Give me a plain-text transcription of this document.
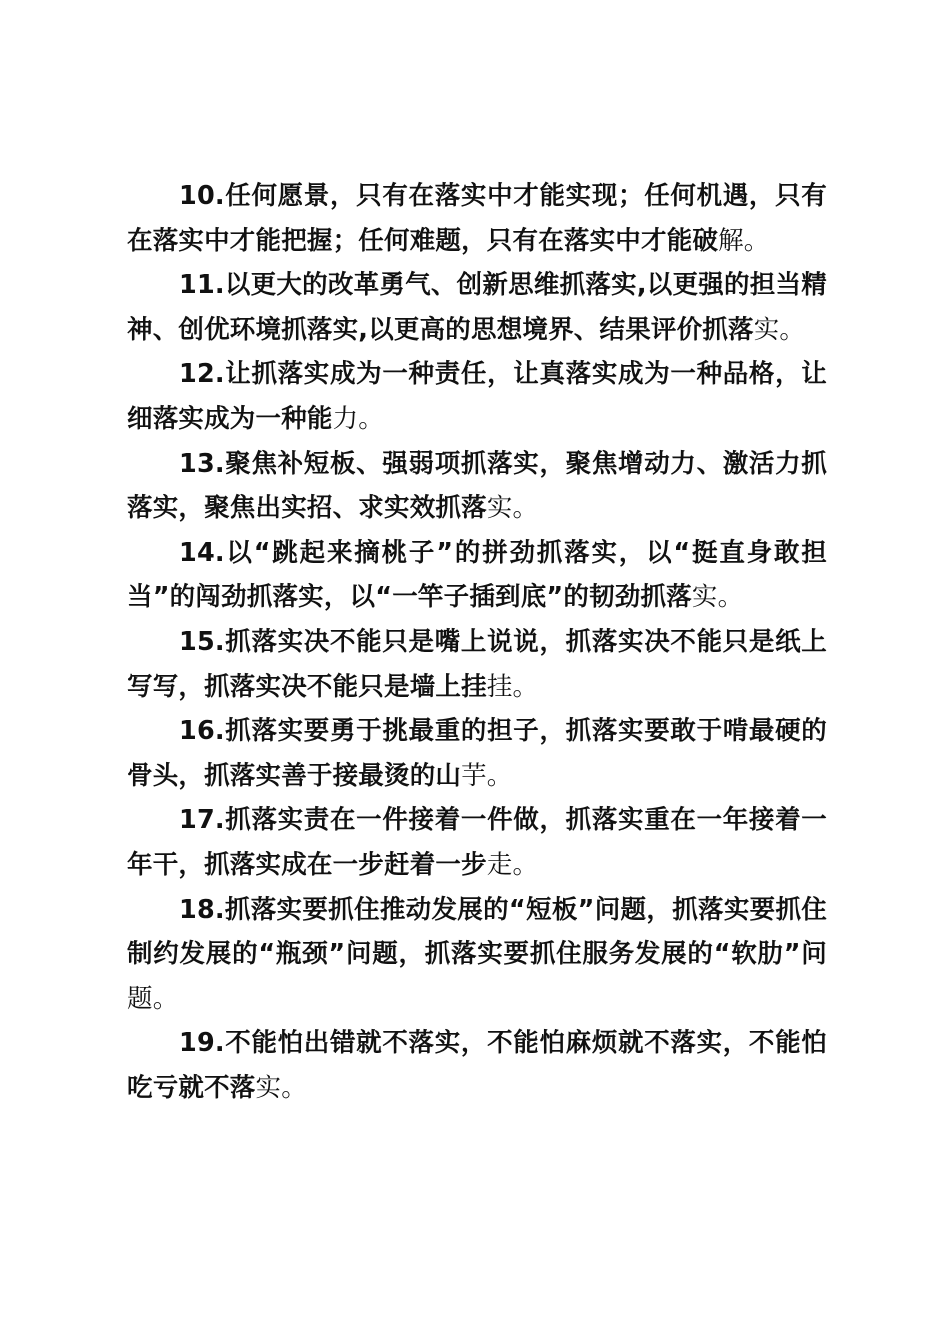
10.任何愿景，只有在落实中才能实现；任何机遇，只有在落实中才能把握；任何难题，只有在落实中才能破解。

11.以更大的改革勇气、创新思维抓落实,以更强的担当精神、创优环境抓落实,以更高的思想境界、结果评价抓落实。

12.让抓落实成为一种责任，让真落实成为一种品格，让细落实成为一种能力。

13.聚焦补短板、强弱项抓落实，聚焦增动力、激活力抓落实，聚焦出实招、求实效抓落实。

14.以“跳起来摘桃子”的拼劲抓落实，以“挺直身敢担当”的闯劲抓落实，以“一竿子插到底”的韧劲抓落实。

15.抓落实决不能只是嘴上说说，抓落实决不能只是纸上写写，抓落实决不能只是墙上挂挂。

16.抓落实要勇于挑最重的担子，抓落实要敢于啃最硬的骨头，抓落实善于接最烫的山芋。

17.抓落实责在一件接着一件做，抓落实重在一年接着一年干，抓落实成在一步赶着一步走。

18.抓落实要抓住推动发展的“短板”问题，抓落实要抓住制约发展的“瓶颈”问题，抓落实要抓住服务发展的“软肋”问题。

19.不能怕出错就不落实，不能怕麻烦就不落实，不能怕吃亏就不落实。
